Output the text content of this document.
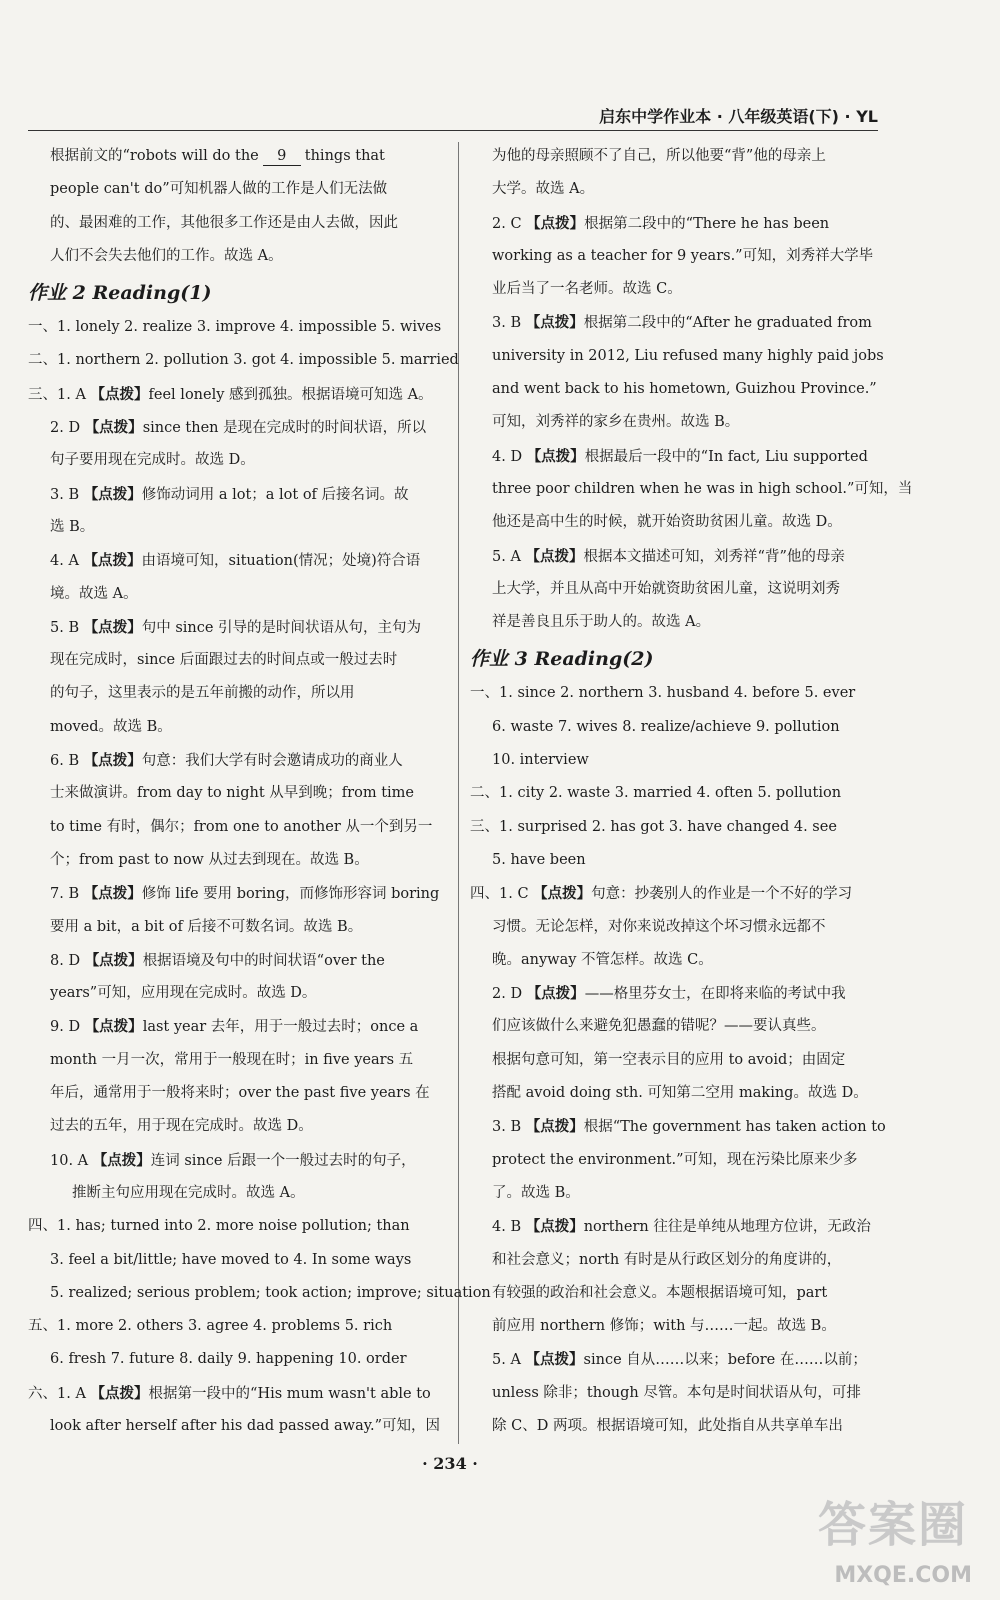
启东中学作业本 · 八年级英语(下) · YL
根据前文的“robots will do the 9 things that
people can't do”可知机器人做的工作是人们无法做
的、最困难的工作，其他很多工作还是由人去做，因此
人们不会失去他们的工作。故选 A。
作业 2 Reading(1)
一、1. lonely 2. realize 3. improve 4. impossible 5. wives
二、1. northern 2. pollution 3. got 4. impossible 5. married
三、1. A 【点拨】feel lonely 感到孤独。根据语境可知选 A。
2. D 【点拨】since then 是现在完成时的时间状语，所以
句子要用现在完成时。故选 D。
3. B 【点拨】修饰动词用 a lot；a lot of 后接名词。故
选 B。
4. A 【点拨】由语境可知，situation(情况；处境)符合语
境。故选 A。
5. B 【点拨】句中 since 引导的是时间状语从句，主句为
现在完成时，since 后面跟过去的时间点或一般过去时
的句子，这里表示的是五年前搬的动作，所以用
moved。故选 B。
6. B 【点拨】句意：我们大学有时会邀请成功的商业人
士来做演讲。from day to night 从早到晚；from time
to time 有时，偶尔；from one to another 从一个到另一
个；from past to now 从过去到现在。故选 B。
7. B 【点拨】修饰 life 要用 boring，而修饰形容词 boring
要用 a bit，a bit of 后接不可数名词。故选 B。
8. D 【点拨】根据语境及句中的时间状语“over the
years”可知，应用现在完成时。故选 D。
9. D 【点拨】last year 去年，用于一般过去时；once a
month 一月一次，常用于一般现在时；in five years 五
年后，通常用于一般将来时；over the past five years 在
过去的五年，用于现在完成时。故选 D。
10. A 【点拨】连词 since 后跟一个一般过去时的句子，
推断主句应用现在完成时。故选 A。
四、1. has; turned into 2. more noise pollution; than
3. feel a bit/little; have moved to 4. In some ways
5. realized; serious problem; took action; improve; situation
五、1. more 2. others 3. agree 4. problems 5. rich
6. fresh 7. future 8. daily 9. happening 10. order
六、1. A 【点拨】根据第一段中的“His mum wasn't able to
look after herself after his dad passed away.”可知，因
为他的母亲照顾不了自己，所以他要“背”他的母亲上
大学。故选 A。
2. C 【点拨】根据第二段中的“There he has been
working as a teacher for 9 years.”可知，刘秀祥大学毕
业后当了一名老师。故选 C。
3. B 【点拨】根据第二段中的“After he graduated from
university in 2012, Liu refused many highly paid jobs
and went back to his hometown, Guizhou Province.”
可知，刘秀祥的家乡在贵州。故选 B。
4. D 【点拨】根据最后一段中的“In fact, Liu supported
three poor children when he was in high school.”可知，当
他还是高中生的时候，就开始资助贫困儿童。故选 D。
5. A 【点拨】根据本文描述可知，刘秀祥“背”他的母亲
上大学，并且从高中开始就资助贫困儿童，这说明刘秀
祥是善良且乐于助人的。故选 A。
作业 3 Reading(2)
一、1. since 2. northern 3. husband 4. before 5. ever
6. waste 7. wives 8. realize/achieve 9. pollution
10. interview
二、1. city 2. waste 3. married 4. often 5. pollution
三、1. surprised 2. has got 3. have changed 4. see
5. have been
四、1. C 【点拨】句意：抄袭别人的作业是一个不好的学习
习惯。无论怎样，对你来说改掉这个坏习惯永远都不
晚。anyway 不管怎样。故选 C。
2. D 【点拨】——格里芬女士，在即将来临的考试中我
们应该做什么来避免犯愚蠢的错呢？——要认真些。
根据句意可知，第一空表示目的应用 to avoid；由固定
搭配 avoid doing sth. 可知第二空用 making。故选 D。
3. B 【点拨】根据“The government has taken action to
protect the environment.”可知，现在污染比原来少多
了。故选 B。
4. B 【点拨】northern 往往是单纯从地理方位讲，无政治
和社会意义；north 有时是从行政区划分的角度讲的，
有较强的政治和社会意义。本题根据语境可知，part
前应用 northern 修饰；with 与……一起。故选 B。
5. A 【点拨】since 自从……以来；before 在……以前；
unless 除非；though 尽管。本句是时间状语从句，可排
除 C、D 两项。根据语境可知，此处指自从共享单车出
· 234 ·
答案圈
MXQE.COM
